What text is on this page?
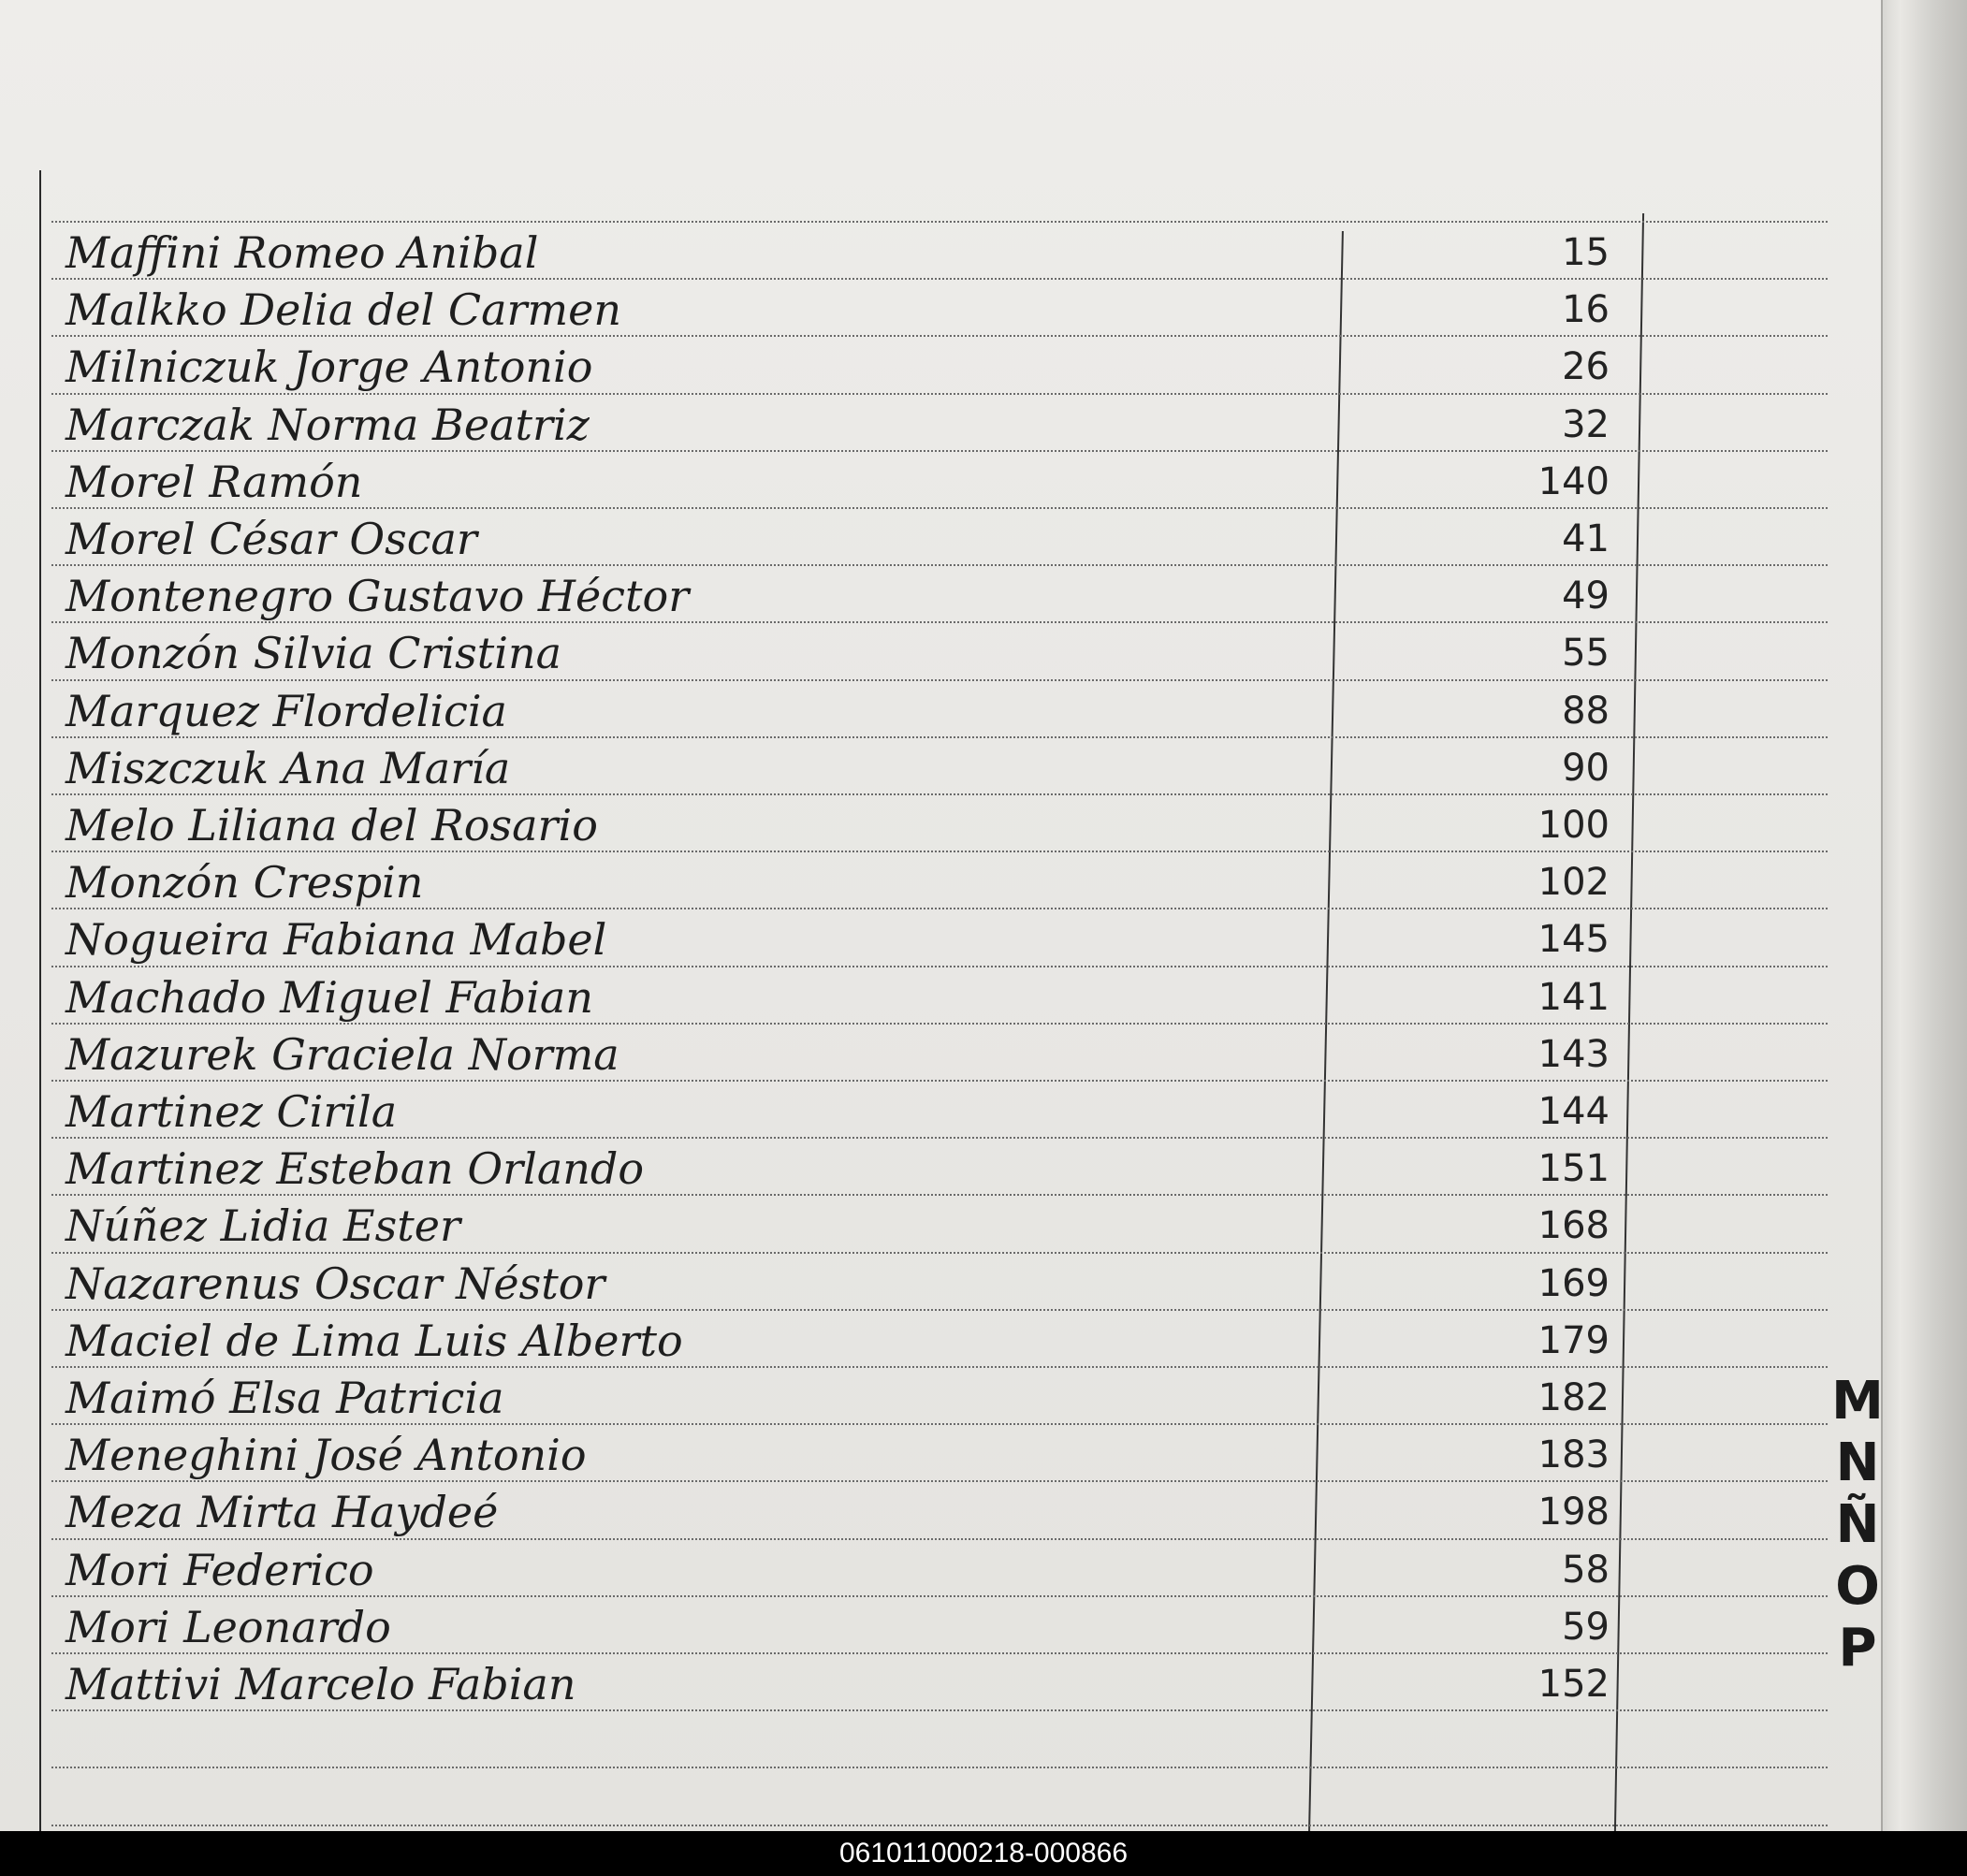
Maffini Romeo Anibal	15
Malkko Delia del Carmen	16
Milniczuk Jorge Antonio	26
Marczak Norma Beatriz	32
Morel Ramón	140
Morel César Oscar	41
Montenegro Gustavo Héctor	49
Monzón Silvia Cristina	55
Marquez Flordelicia	88
Miszczuk Ana María	90
Melo Liliana del Rosario	100
Monzón Crespin	102
Nogueira Fabiana Mabel	145
Machado Miguel Fabian	141
Mazurek Graciela Norma	143
Martinez Cirila	144
Martinez Esteban Orlando	151
Núñez Lidia Ester	168
Nazarenus Oscar Néstor	169
Maciel de Lima Luis Alberto	179
Maimó Elsa Patricia	182
Meneghini José Antonio	183
Meza Mirta Haydeé	198
Mori Federico	58
Mori Leonardo	59
Mattivi Marcelo Fabian	152
M
N
Ñ
O
P
061011000218-000866
